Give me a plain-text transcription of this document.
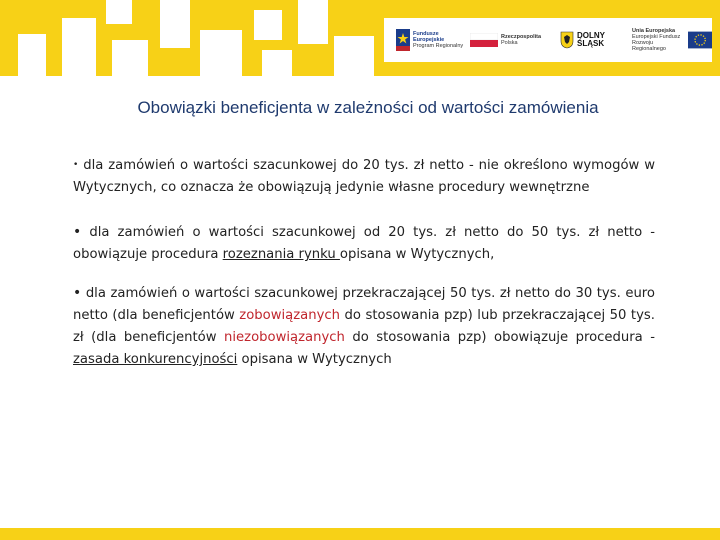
Fundusze
Europejskie
Program Regionalny
Rzeczpospolita
Polska
DOLNY
ŚLĄSK
Unia Europejska
Europejski Fundusz
Rozwoju Regionalnego
Obowiązki beneficjenta w zależności od wartości zamówienia

• dla zamówień o wartości szacunkowej do 20 tys. zł netto - nie określono wymogów w Wytycznych, co oznacza że obowiązują jedynie własne procedury wewnętrzne

• dla zamówień o wartości szacunkowej od 20 tys. zł netto do 50 tys. zł netto - obowiązuje procedura rozeznania rynku opisana w Wytycznych,

• dla zamówień o wartości szacunkowej przekraczającej 50 tys. zł netto do 30 tys. euro netto (dla beneficjentów zobowiązanych do stosowania pzp) lub przekraczającej 50 tys. zł (dla beneficjentów niezobowiązanych do stosowania pzp) obowiązuje procedura - zasada konkurencyjności opisana w Wytycznych
